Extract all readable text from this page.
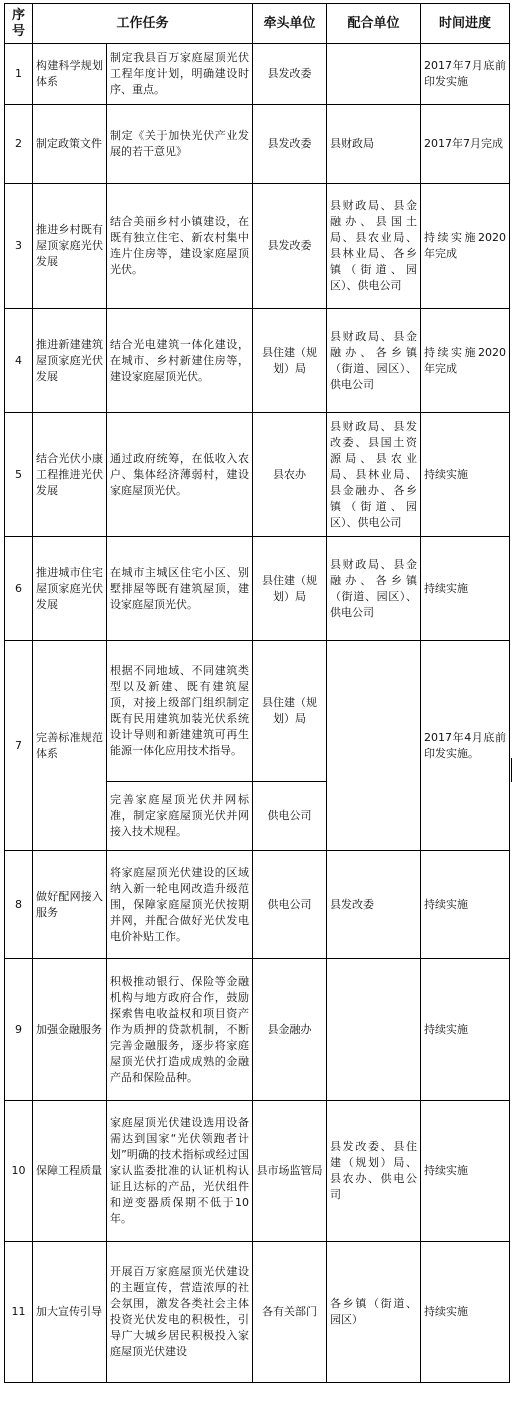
序号	工作任务		牵头单位	配合单位	时间进度
1	构建科学规划体系	制定我县百万家庭屋顶光伏工程年度计划，明确建设时序、重点。	县发改委		2017年7月底前印发实施
2	制定政策文件	制定《关于加快光伏产业发展的若干意见》	县发改委	县财政局	2017年7月完成
3	推进乡村既有屋顶家庭光伏发展	结合美丽乡村小镇建设，在既有独立住宅、新农村集中连片住房等，建设家庭屋顶光伏。	县发改委	县财政局、县金融办、县国土局、县农业局、县林业局、各乡镇（街道、园区）、供电公司	持续实施2020年完成
4	推进新建建筑屋顶家庭光伏发展	结合光电建筑一体化建设，在城市、乡村新建住房等，建设家庭屋顶光伏。	县住建（规划）局	县财政局、县金融办、各乡镇（街道、园区）、供电公司	持续实施2020年完成
5	结合光伏小康工程推进光伏发展	通过政府统筹，在低收入农户、集体经济薄弱村，建设家庭屋顶光伏。	县农办	县财政局、县发改委、县国土资源局、县农业局、县林业局、县金融办、各乡镇（街道、园区）、供电公司	持续实施
6	推进城市住宅屋顶家庭光伏发展	在城市主城区住宅小区、别墅排屋等既有建筑屋顶，建设家庭屋顶光伏。	县住建（规划）局	县财政局、县金融办、各乡镇（街道、园区）、供电公司	持续实施
7	完善标准规范体系	根据不同地域、不同建筑类型以及新建、既有建筑屋顶，对接上级部门组织制定既有民用建筑加装光伏系统设计导则和新建建筑可再生能源一体化应用技术指导。	县住建（规划）局		2017年4月底前印发实施。
		完善家庭屋顶光伏并网标准，制定家庭屋顶光伏并网接入技术规程。	供电公司		
8	做好配网接入服务	将家庭屋顶光伏建设的区域纳入新一轮电网改造升级范围，保障家庭屋顶光伏按期并网，并配合做好光伏发电电价补贴工作。	供电公司	县发改委	持续实施
9	加强金融服务	积极推动银行、保险等金融机构与地方政府合作，鼓励探索售电收益权和项目资产作为质押的贷款机制，不断完善金融服务，逐步将家庭屋顶光伏打造成成熟的金融产品和保险品种。	县金融办		持续实施
10	保障工程质量	家庭屋顶光伏建设选用设备需达到国家“光伏领跑者计划”明确的技术指标或经过国家认监委批准的认证机构认证且达标的产品，光伏组件和逆变器质保期不低于10年。	县市场监管局	县发改委、县住建（规划）局、县农办、供电公司	持续实施
11	加大宣传引导	开展百万家庭屋顶光伏建设的主题宣传，营造浓厚的社会氛围，激发各类社会主体投资光伏发电的积极性，引导广大城乡居民积极投入家庭屋顶光伏建设	各有关部门	各乡镇（街道、园区）	持续实施
